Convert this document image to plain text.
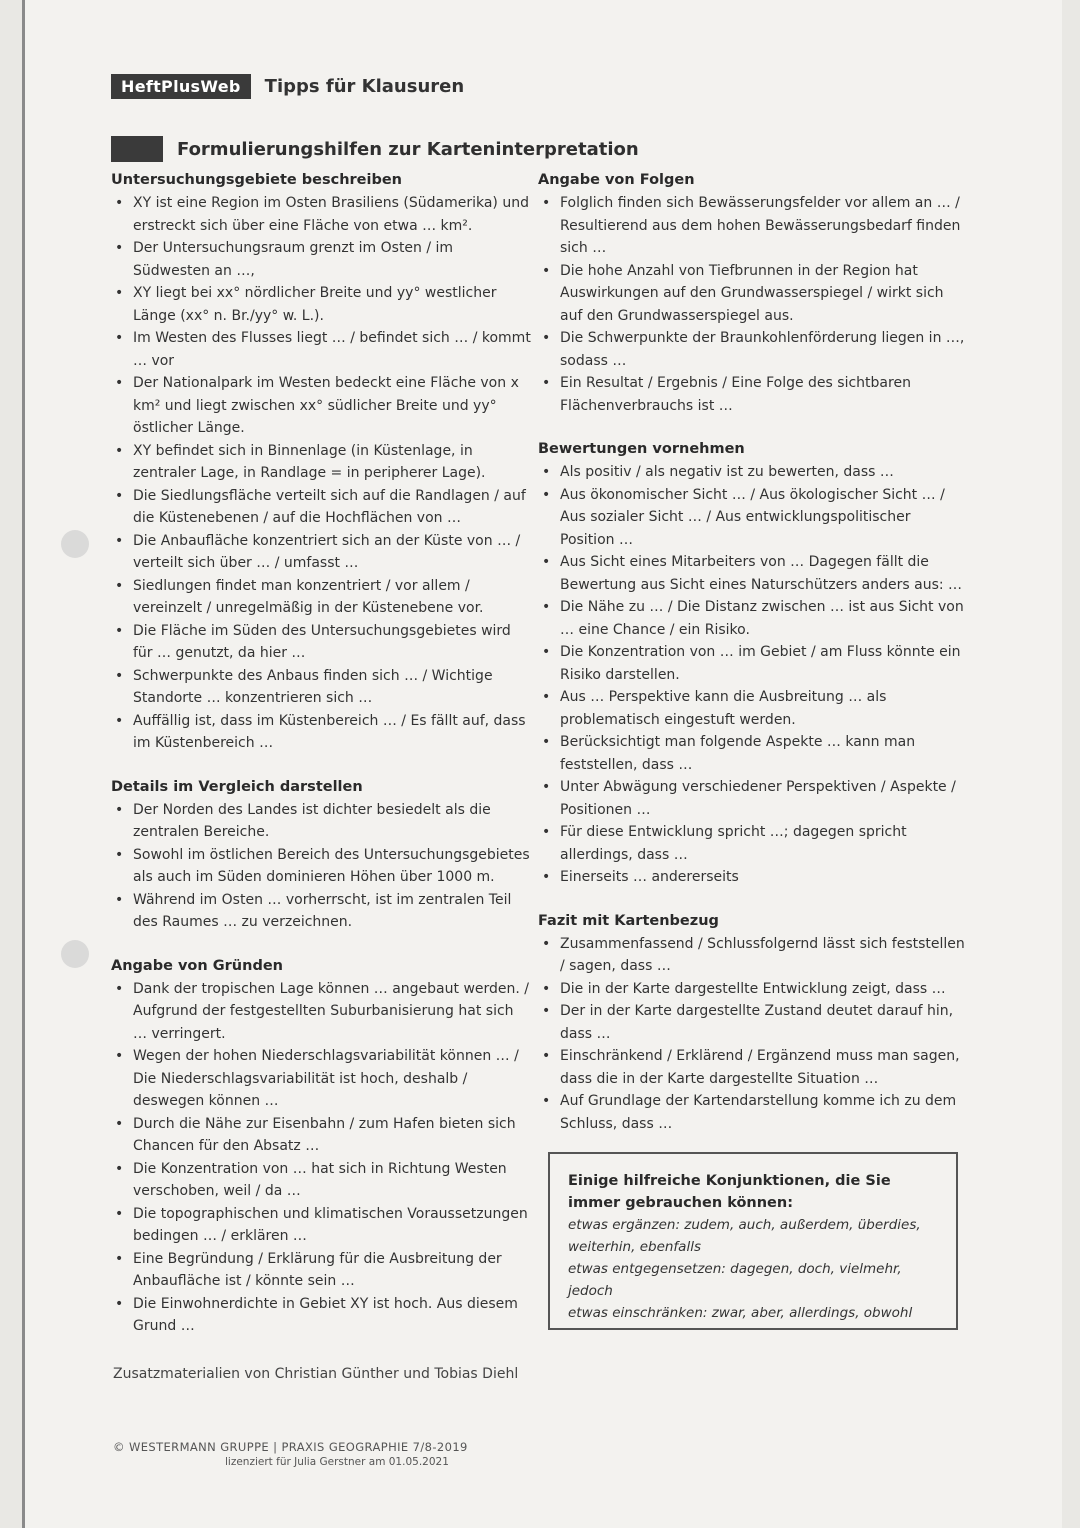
HeftPlusWeb	Tipps für Klausuren
Formulierungshilfen zur Karteninterpretation
Untersuchungsgebiete beschreiben
• XY ist eine Region im Osten Brasiliens (Südamerika) und erstreckt sich über eine Fläche von etwa … km².
• Der Untersuchungsraum grenzt im Osten / im Südwesten an …,
• XY liegt bei xx° nördlicher Breite und yy° westlicher Länge (xx° n. Br./yy° w. L.).
• Im Westen des Flusses liegt … / befindet sich … / kommt … vor
• Der Nationalpark im Westen bedeckt eine Fläche von x km² und liegt zwischen xx° südlicher Breite und yy° östlicher Länge.
• XY befindet sich in Binnenlage (in Küstenlage, in zentraler Lage, in Randlage = in peripherer Lage).
• Die Siedlungsfläche verteilt sich auf die Randlagen / auf die Küstenebenen / auf die Hochflächen von …
• Die Anbaufläche konzentriert sich an der Küste von … / verteilt sich über … / umfasst …
• Siedlungen findet man konzentriert / vor allem / vereinzelt / unregelmäßig in der Küstenebene vor.
• Die Fläche im Süden des Untersuchungsgebietes wird für … genutzt, da hier …
• Schwerpunkte des Anbaus finden sich … / Wichtige Standorte … konzentrieren sich …
• Auffällig ist, dass im Küstenbereich … / Es fällt auf, dass im Küstenbereich …
Details im Vergleich darstellen
• Der Norden des Landes ist dichter besiedelt als die zentralen Bereiche.
• Sowohl im östlichen Bereich des Untersuchungsgebietes als auch im Süden dominieren Höhen über 1000 m.
• Während im Osten … vorherrscht, ist im zentralen Teil des Raumes … zu verzeichnen.
Angabe von Gründen
• Dank der tropischen Lage können … angebaut werden. / Aufgrund der festgestellten Suburbanisierung hat sich … verringert.
• Wegen der hohen Niederschlagsvariabilität können … / Die Niederschlagsvariabilität ist hoch, deshalb / deswegen können …
• Durch die Nähe zur Eisenbahn / zum Hafen bieten sich Chancen für den Absatz …
• Die Konzentration von … hat sich in Richtung Westen verschoben, weil / da …
• Die topographischen und klimatischen Voraussetzungen bedingen … / erklären …
• Eine Begründung / Erklärung für die Ausbreitung der Anbaufläche ist / könnte sein …
• Die Einwohnerdichte in Gebiet XY ist hoch. Aus diesem Grund …
Angabe von Folgen
• Folglich finden sich Bewässerungsfelder vor allem an … / Resultierend aus dem hohen Bewässerungsbedarf finden sich …
• Die hohe Anzahl von Tiefbrunnen in der Region hat Auswirkungen auf den Grundwasserspiegel / wirkt sich auf den Grundwasserspiegel aus.
• Die Schwerpunkte der Braunkohlenförderung liegen in …, sodass …
• Ein Resultat / Ergebnis / Eine Folge des sichtbaren Flächenverbrauchs ist …
Bewertungen vornehmen
• Als positiv / als negativ ist zu bewerten, dass …
• Aus ökonomischer Sicht … / Aus ökologischer Sicht … / Aus sozialer Sicht … / Aus entwicklungspolitischer Position …
• Aus Sicht eines Mitarbeiters von … Dagegen fällt die Bewertung aus Sicht eines Naturschützers anders aus: …
• Die Nähe zu … / Die Distanz zwischen … ist aus Sicht von … eine Chance / ein Risiko.
• Die Konzentration von … im Gebiet / am Fluss könnte ein Risiko darstellen.
• Aus … Perspektive kann die Ausbreitung … als problematisch eingestuft werden.
• Berücksichtigt man folgende Aspekte … kann man feststellen, dass …
• Unter Abwägung verschiedener Perspektiven / Aspekte / Positionen …
• Für diese Entwicklung spricht …; dagegen spricht allerdings, dass …
• Einerseits … andererseits
Fazit mit Kartenbezug
• Zusammenfassend / Schlussfolgernd lässt sich feststellen / sagen, dass …
• Die in der Karte dargestellte Entwicklung zeigt, dass …
• Der in der Karte dargestellte Zustand deutet darauf hin, dass …
• Einschränkend / Erklärend / Ergänzend muss man sagen, dass die in der Karte dargestellte Situation …
• Auf Grundlage der Kartendarstellung komme ich zu dem Schluss, dass …
Einige hilfreiche Konjunktionen, die Sie immer gebrauchen können:
etwas ergänzen: zudem, auch, außerdem, überdies, weiterhin, ebenfalls
etwas entgegensetzen: dagegen, doch, vielmehr, jedoch
etwas einschränken: zwar, aber, allerdings, obwohl
Zusatzmaterialien von Christian Günther und Tobias Diehl
© WESTERMANN GRUPPE | PRAXIS GEOGRAPHIE 7/8-2019
lizenziert für Julia Gerstner am 01.05.2021
